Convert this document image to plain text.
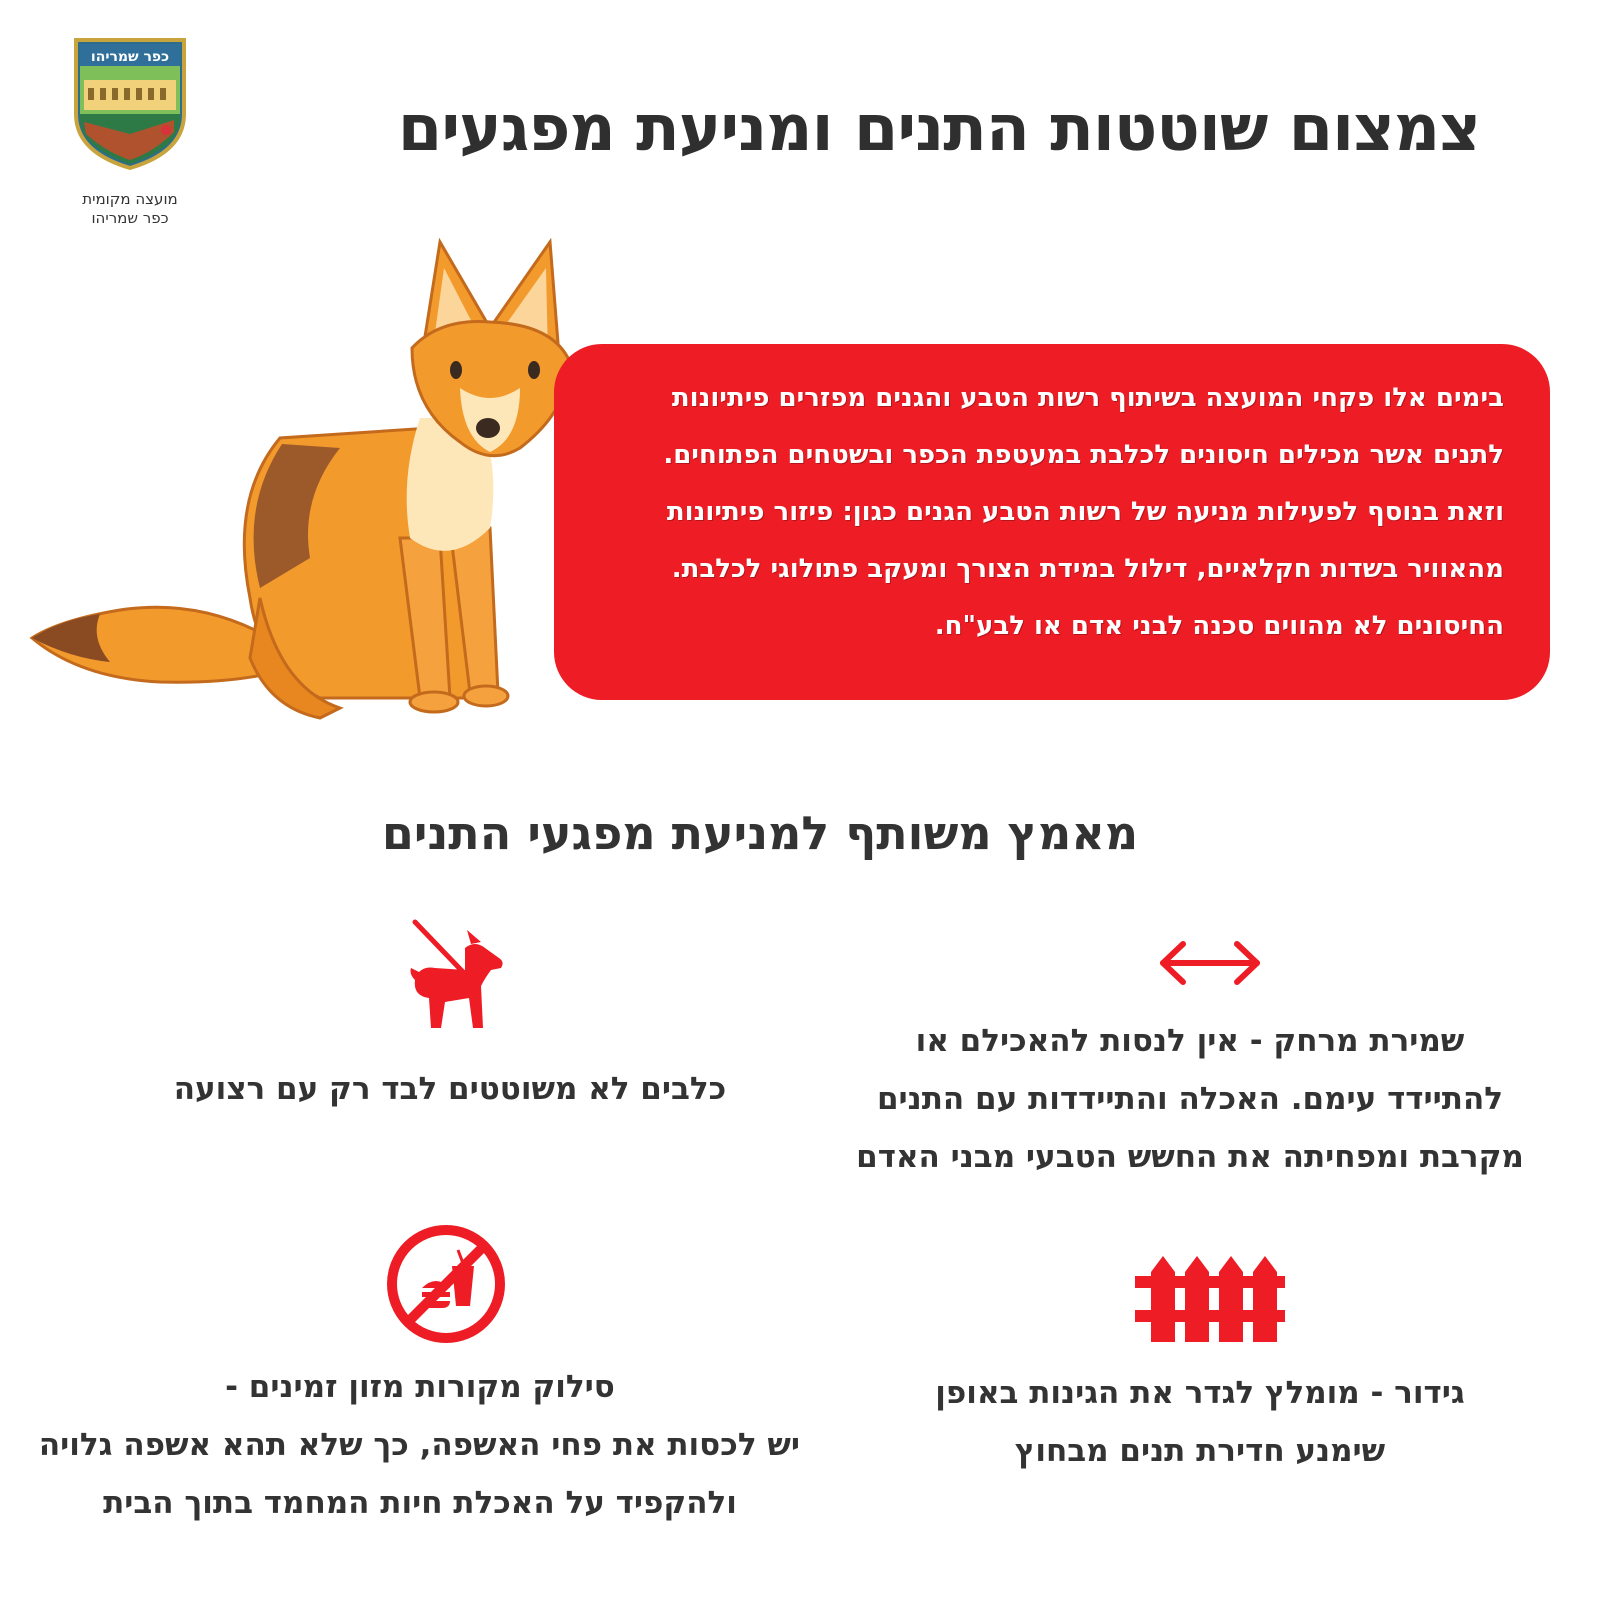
כפר שמריהו
מועצה מקומית
כפר שמריהו
צמצום שוטטות התנים ומניעת מפגעים

בימים אלו פקחי המועצה בשיתוף רשות הטבע והגנים מפזרים פיתיונות

לתנים אשר מכילים חיסונים לכלבת במעטפת הכפר ובשטחים הפתוחים.

וזאת בנוסף לפעילות מניעה של רשות הטבע הגנים כגון: פיזור פיתיונות

מהאוויר בשדות חקלאיים, דילול במידת הצורך ומעקב פתולוגי לכלבת.

החיסונים לא מהווים סכנה לבני אדם או לבע"ח.

מאמץ משותף למניעת מפגעי התנים
שמירת מרחק - אין לנסות להאכילם או
להתיידד עימם. האכלה והתיידדות עם התנים
מקרבת ומפחיתה את החשש הטבעי מבני האדם
כלבים לא משוטטים לבד רק עם רצועה
גידור - מומלץ לגדר את הגינות באופן
שימנע חדירת תנים מבחוץ
סילוק מקורות מזון זמינים -
יש לכסות את פחי האשפה, כך שלא תהא אשפה גלויה
ולהקפיד על האכלת חיות המחמד בתוך הבית
